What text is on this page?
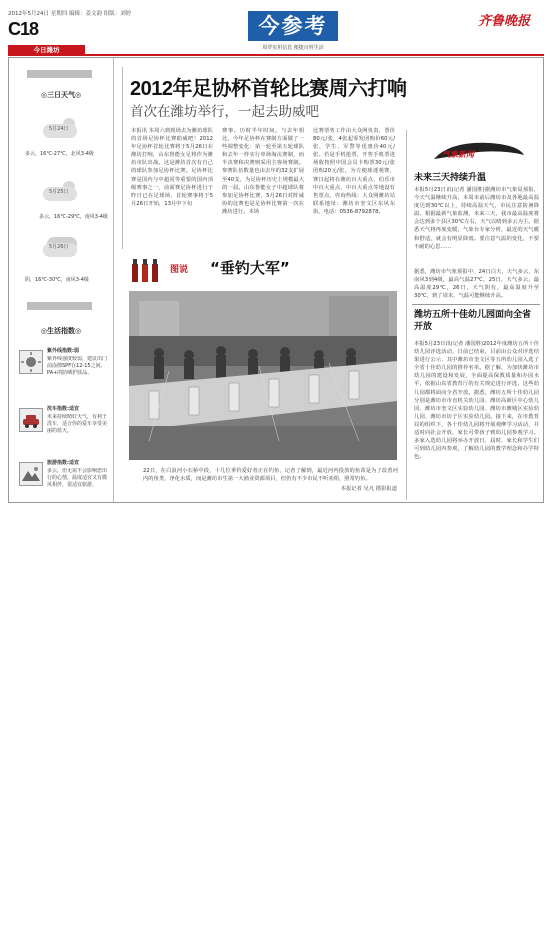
2012年5月24日 星期四 编辑：姜文韵 组版：刘婷
C18
今日潍坊
今参考
周罗实用信息 便捷百姓生活
齐鲁晚报
◎三日天气◎
5月24日
多云，16℃-27℃，北风3-4级
5月25日
多云，16℃-29℃，南风3-4级
5月26日
阴，16℃-30℃，南风3-4级
◎生活指数◎
紫外线指数:弱
紫外线强度较弱，建议出门前涂擦SPF在12-15之间、PA+的防晒护肤品。
洗车指数:适宜
未来持续晴好天气，有利于洗车，适合你的爱车享受美丽的蓝天。
旅游指数:适宜
多云，但无需不会影响您出行的心情，温度适宜又有微风相伴，很适宜旅游。
2012年足协杯首轮比赛周六打响
首次在潍坊举行，一起去助威吧
本报讯 本周六到现场去为潍坊球队的首场足协杯比赛助威吧！2012年足协杯首轮比赛将于5月26日在潍坊打响，山东鲁能女足将作为潍坊市队出战。这是潍坊首次有自己的球队参加足协杯比赛。足协杯比赛是国内与中超同等重要的国内顶级赛事之一，前面赛足协杯进行于昨日已在足球场，首轮赛事将于5月26日开始，13月中下旬
赛事。历时半年时间。与去年相比，今年足协杯在赛制方面做了一些调整变化：第一轮至第五轮球队和去年一样实行单场淘汰赛制，而半决赛和决赛则采用主客场赛制。参赛队伍数量也由去年的32支扩展至40支，为足协杯历史上规模最大的一届。山东鲁能女子中超球队将参加足协杯比赛，5月26日对阵威协的比赛也是足协杯比赛第一次在潍坊进行。本场
比赛票务工作由大众网负责，票价80元/张，4张起零发团购价60元/张，学生、军警等优惠价40元/张。若是手机抢票，开售手机票进场收按照中国会员卡购票30元/张团购20元/张，为方便球迷观赛，赛日起将在潍坊百大重点、伯乐市中百大重点、中百大重点等地设有售票点，咨询热线：大众网潍坊站联系地址：潍坊市奎文区东风东街，电话：0536-8792878。
图说 “垂钓大军”
22日，在白浪河小石桥中段，十几位垂钓爱好者正在钓鱼，记者了解到，最近河内投放的鱼苗是为了改善河内的鱼类、净化水质，而是潍坊市生第一大渔业资源项目，但仍有不少市民不听劝阻，照常钓鱼。
本报记者 吴凡 摄影报道
气象新闻
未来三天持续升温
本报5月23日讯(记者 潘国胜)据潍坊市气象局预报，今天气温继续升高，本周末前后潍坊市及各地最高温度达到30℃以上，持续高温天气，市民注意防暑降温。根据最新气象监测，未来三天，我市最高温度将会达到多个县区30℃左右，天气以晴到多云为主。据悉天气将再度变暖，气象台专家分析，最近的天气暖和舒适，就会有明显降雨。要注意气温的变化，不要不耐的心思……
据悉，潍坊市气象预报中，24日白天，天气多云，东南风3到4级，最高气温27℃，25日，天气多云，最高温度29℃，26日，天气阴有，最高温度升至30℃，到了周末，气温可能继续升高。
潍坊五所十佳幼儿园面向全省开放
本报5月23日讯(记者 潘国胜)2012年度潍坊五所十佳幼儿园评选活动，日前已结束，目前由公众对评选结果进行公示，其中潍坊市奎文区等五所幼儿园入选了全省十佳幼儿园的推荐名单。据了解，为加快潍坊市幼儿园的建设和发展，全面提高保教质量和办园水平，依据山东省教育厅的有关规定进行评选，这些幼儿园都将面向全省开放。据悉，潍坊五所十佳幼儿园分别是潍坊市市直机关幼儿园、潍坊高新区中心幼儿园、潍坊市奎文区实验幼儿园、潍坊市潍城区实验幼儿园、潍坊市坊子区实验幼儿园。接下来，在市教育局的组织下，各十佳幼儿园将开展观摩学习活动，并适时向社会开放，家长可带孩子到幼儿园参观学习。多家入选幼儿园将举办开放日，届时，家长和学生们可到幼儿园内参观，了解幼儿园的教学理念和办学特色。
